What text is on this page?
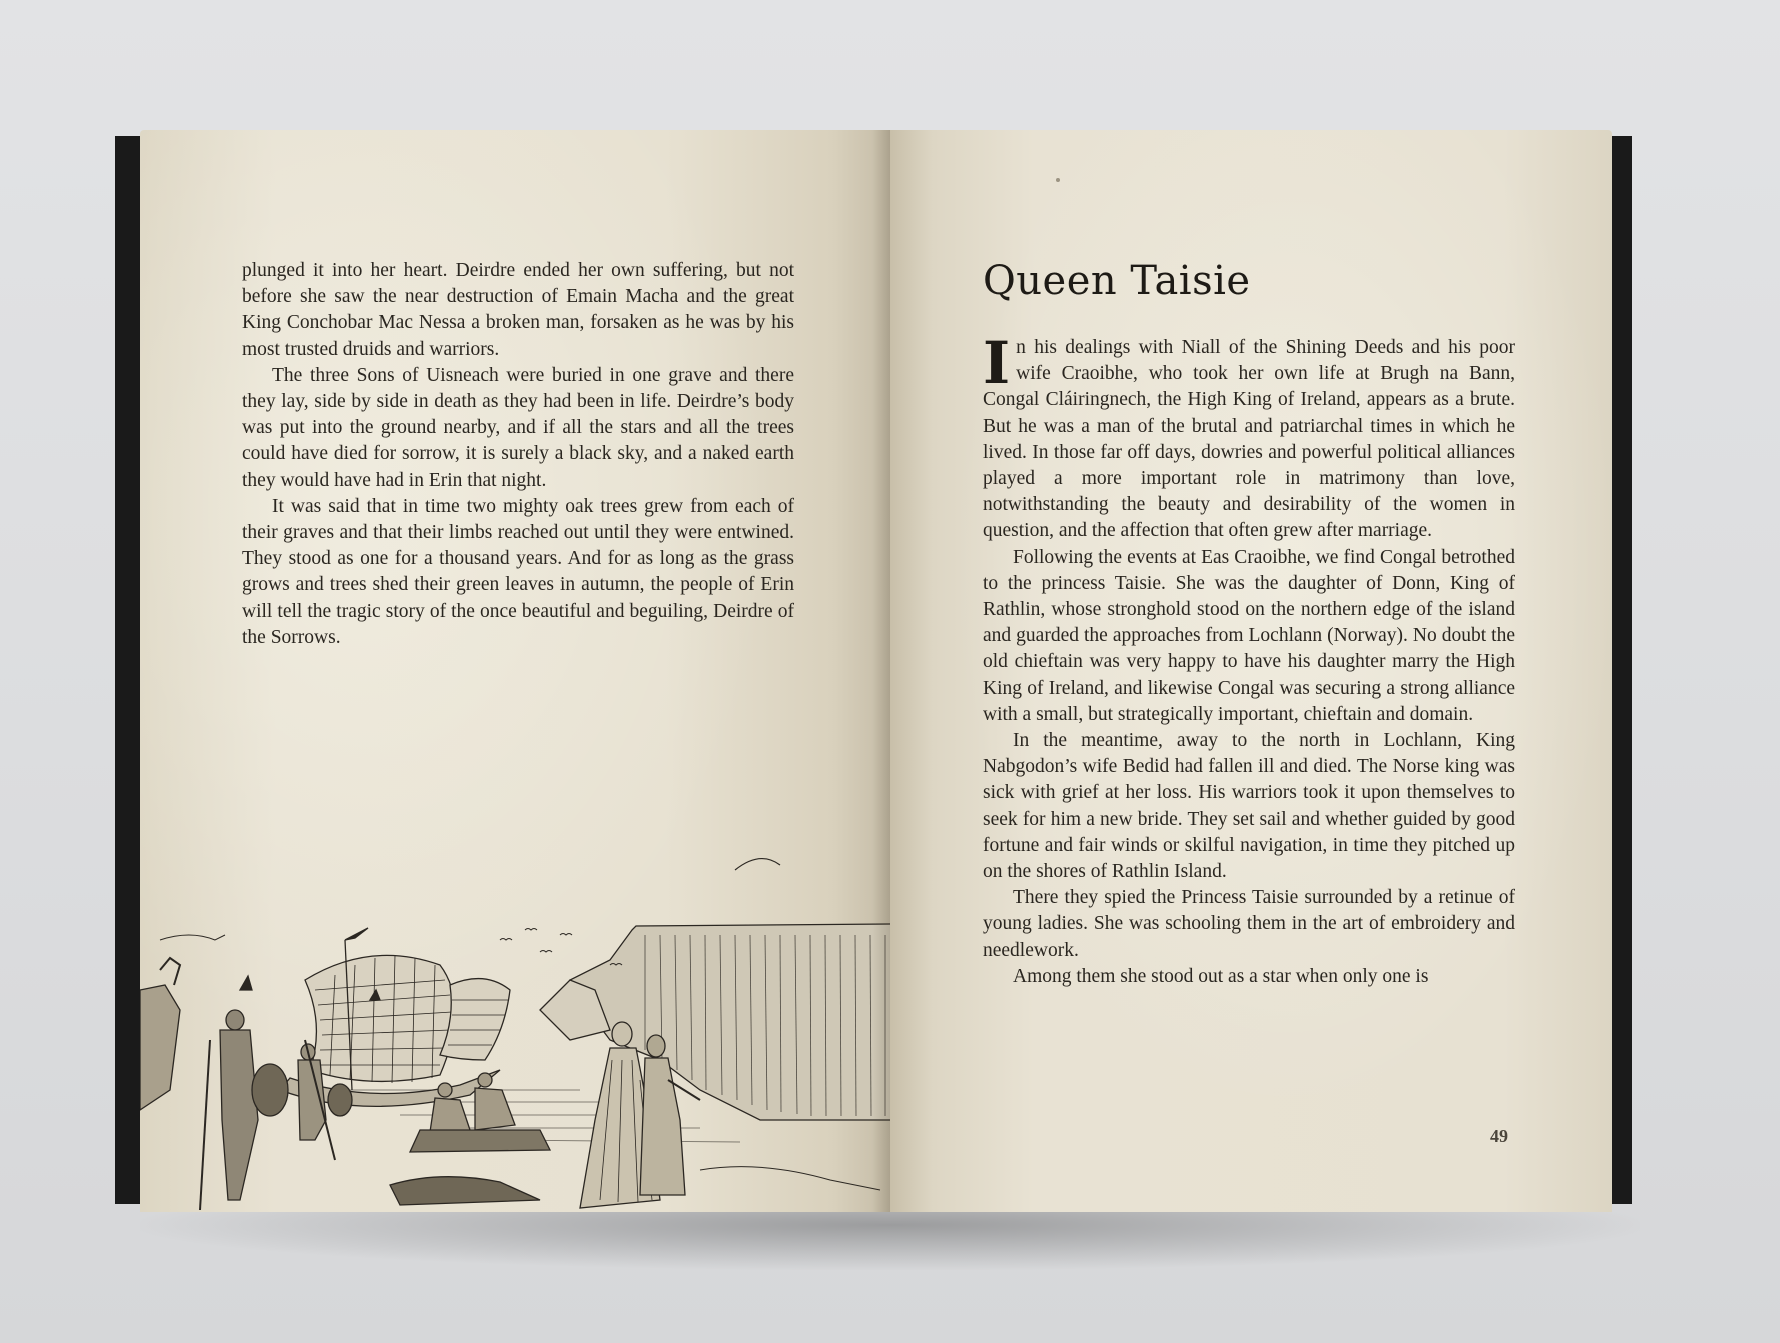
plunged it into her heart. Deirdre ended her own suffering, but not before she saw the near destruction of Emain Macha and the great King Conchobar Mac Nessa a broken man, forsaken as he was by his most trusted druids and warriors.

The three Sons of Uisneach were buried in one grave and there they lay, side by side in death as they had been in life. Deirdre’s body was put into the ground nearby, and if all the stars and all the trees could have died for sorrow, it is surely a black sky, and a naked earth they would have had in Erin that night.

It was said that in time two mighty oak trees grew from each of their graves and that their limbs reached out until they were entwined. They stood as one for a thousand years. And for as long as the grass grows and trees shed their green leaves in autumn, the people of Erin will tell the tragic story of the once beautiful and beguiling, Deirdre of the Sorrows.

Queen Taisie

In his dealings with Niall of the Shining Deeds and his poor wife Craoibhe, who took her own life at Brugh na Bann, Congal Cláiringnech, the High King of Ireland, appears as a brute. But he was a man of the brutal and patriarchal times in which he lived. In those far off days, dowries and powerful political alliances played a more important role in matrimony than love, notwithstanding the beauty and desirability of the women in question, and the affection that often grew after marriage.

Following the events at Eas Craoibhe, we find Congal betrothed to the princess Taisie. She was the daughter of Donn, King of Rathlin, whose stronghold stood on the northern edge of the island and guarded the approaches from Lochlann (Norway). No doubt the old chieftain was very happy to have his daughter marry the High King of Ireland, and likewise Congal was securing a strong alliance with a small, but strategically important, chieftain and domain.

In the meantime, away to the north in Lochlann, King Nabgodon’s wife Bedid had fallen ill and died. The Norse king was sick with grief at her loss. His warriors took it upon themselves to seek for him a new bride. They set sail and whether guided by good fortune and fair winds or skilful navigation, in time they pitched up on the shores of Rathlin Island.

There they spied the Princess Taisie surrounded by a retinue of young ladies. She was schooling them in the art of embroidery and needlework.

Among them she stood out as a star when only one is

49
